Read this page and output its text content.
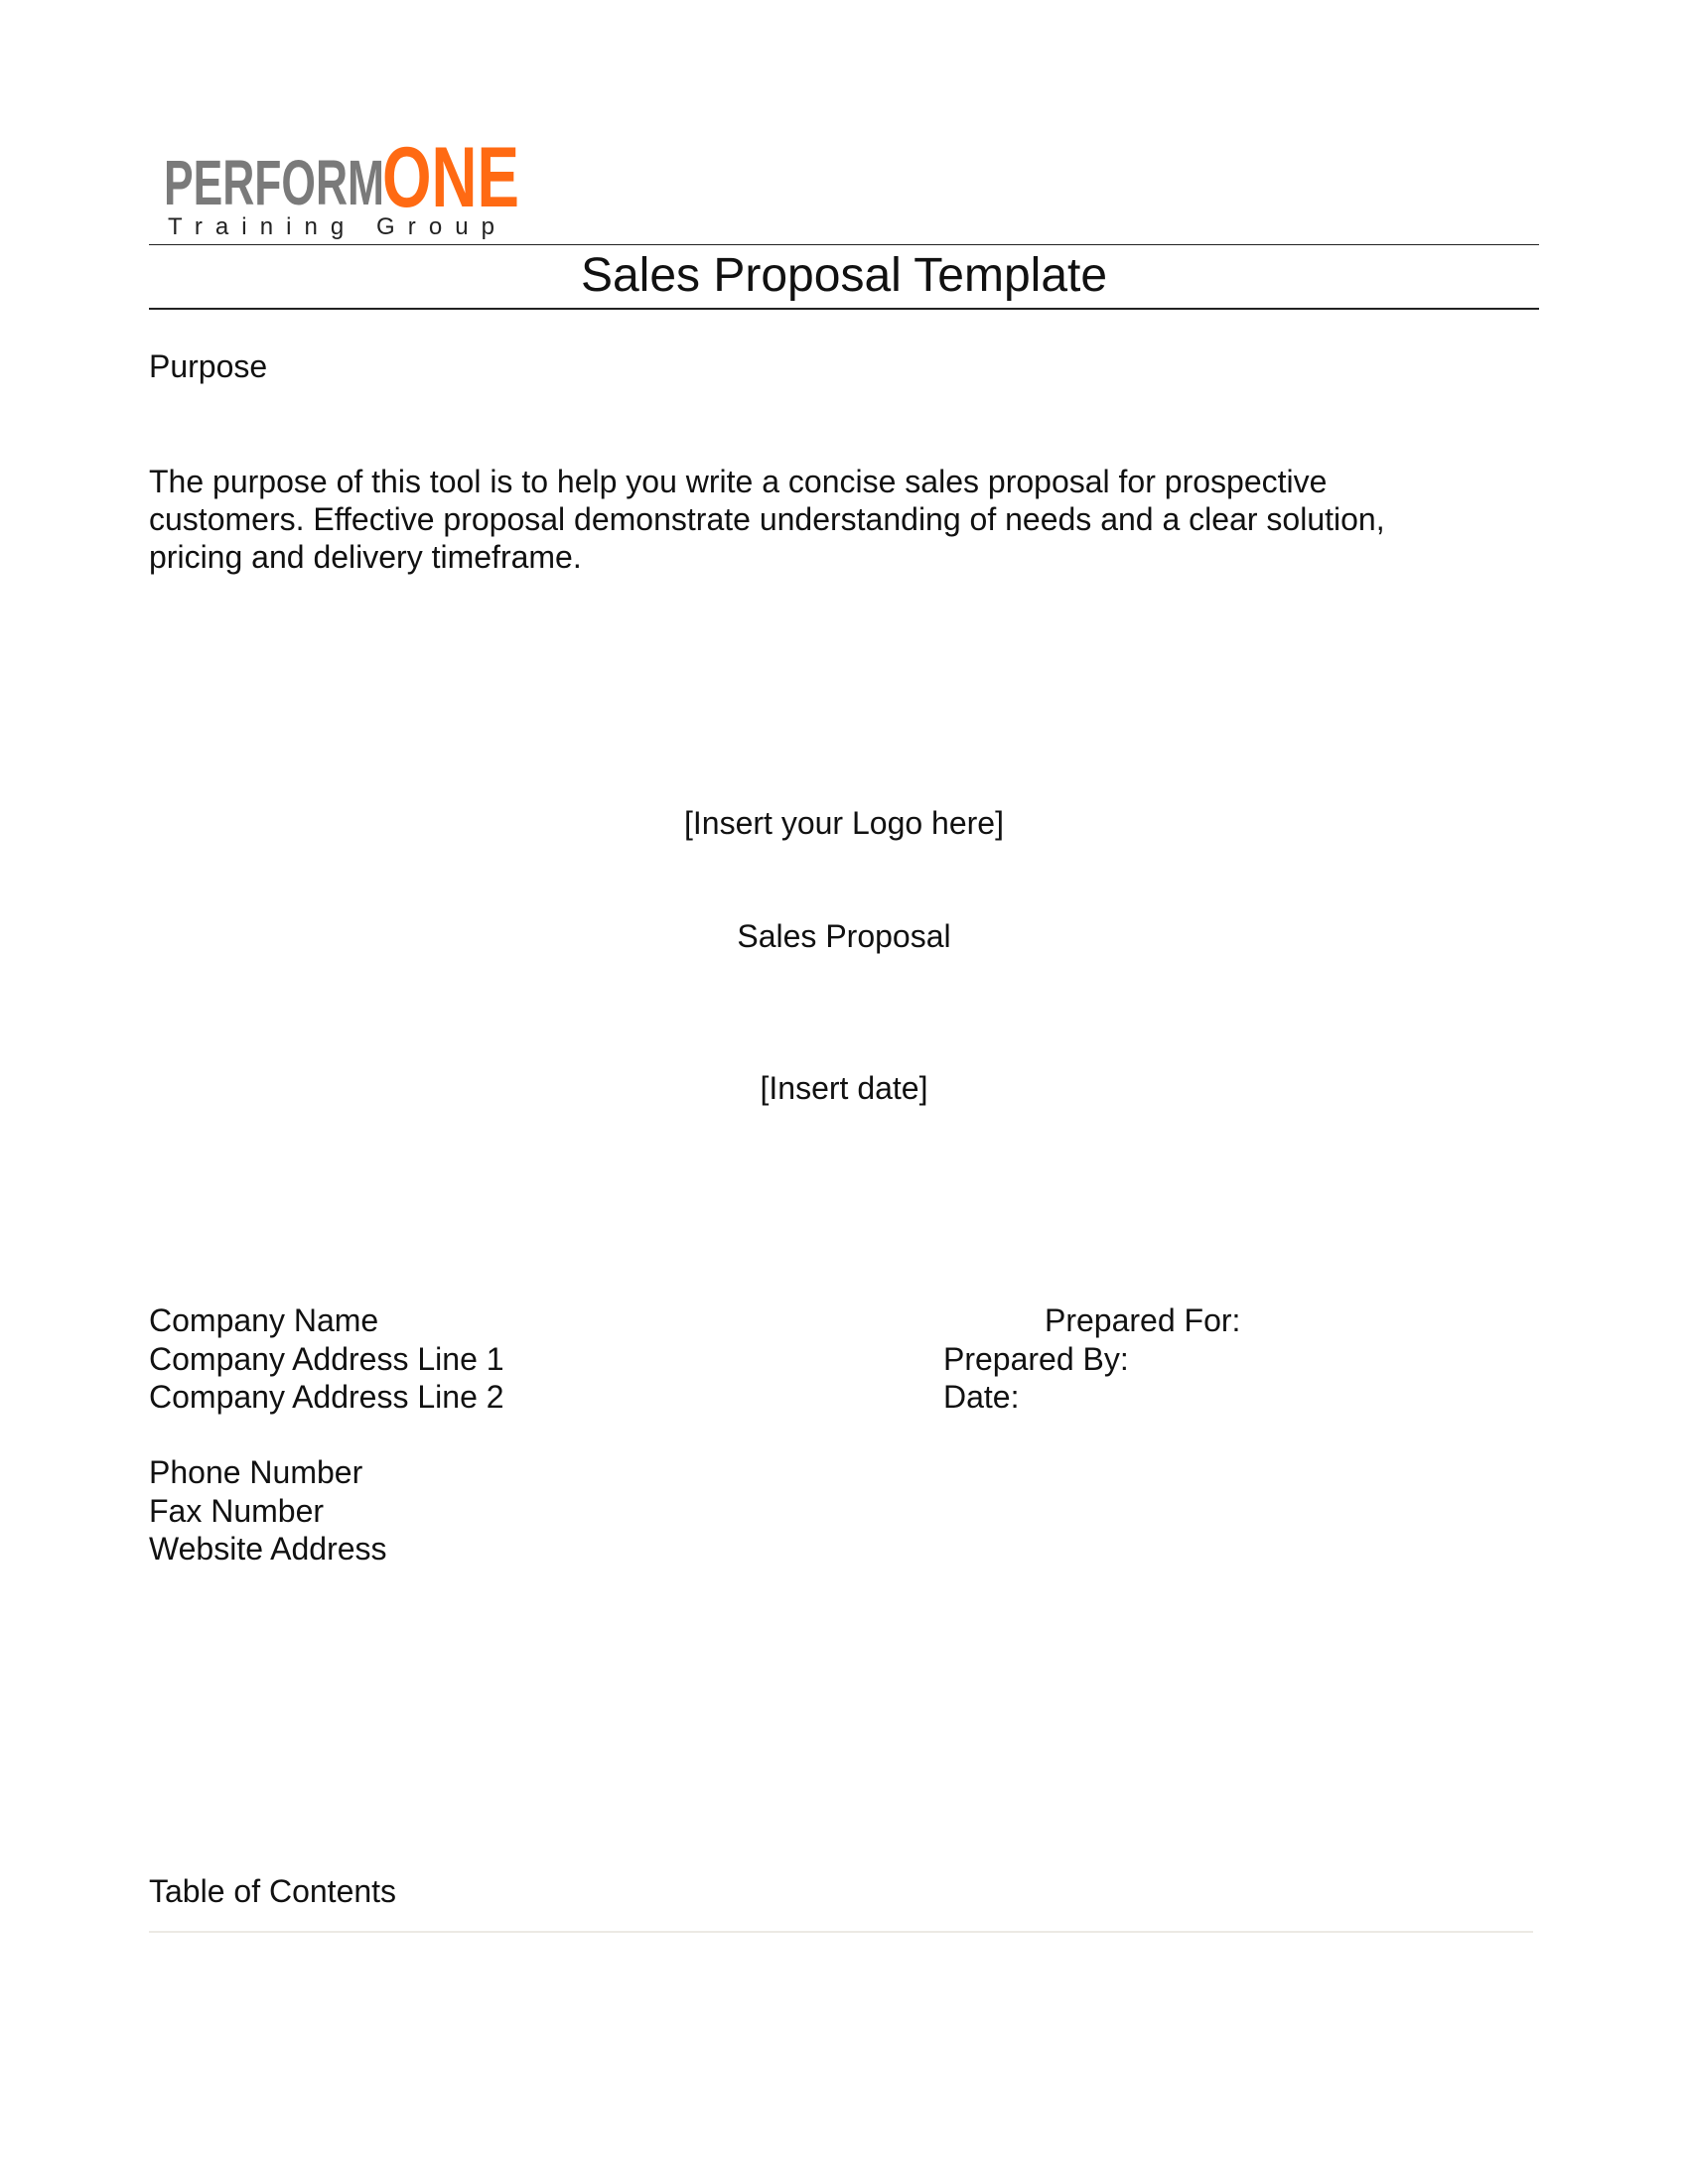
PERFORM
ONE
Training Group
Sales Proposal Template
Purpose
The purpose of this tool is to help you write a concise sales proposal for prospective
customers. Effective proposal demonstrate understanding of needs and a clear solution,
pricing and delivery timeframe.
[Insert your Logo here]
Sales Proposal
[Insert date]
Company Name
Company Address Line 1
Company Address Line 2
Phone Number
Fax Number
Website Address
Prepared For:
Prepared By:
Date:
Table of Contents
